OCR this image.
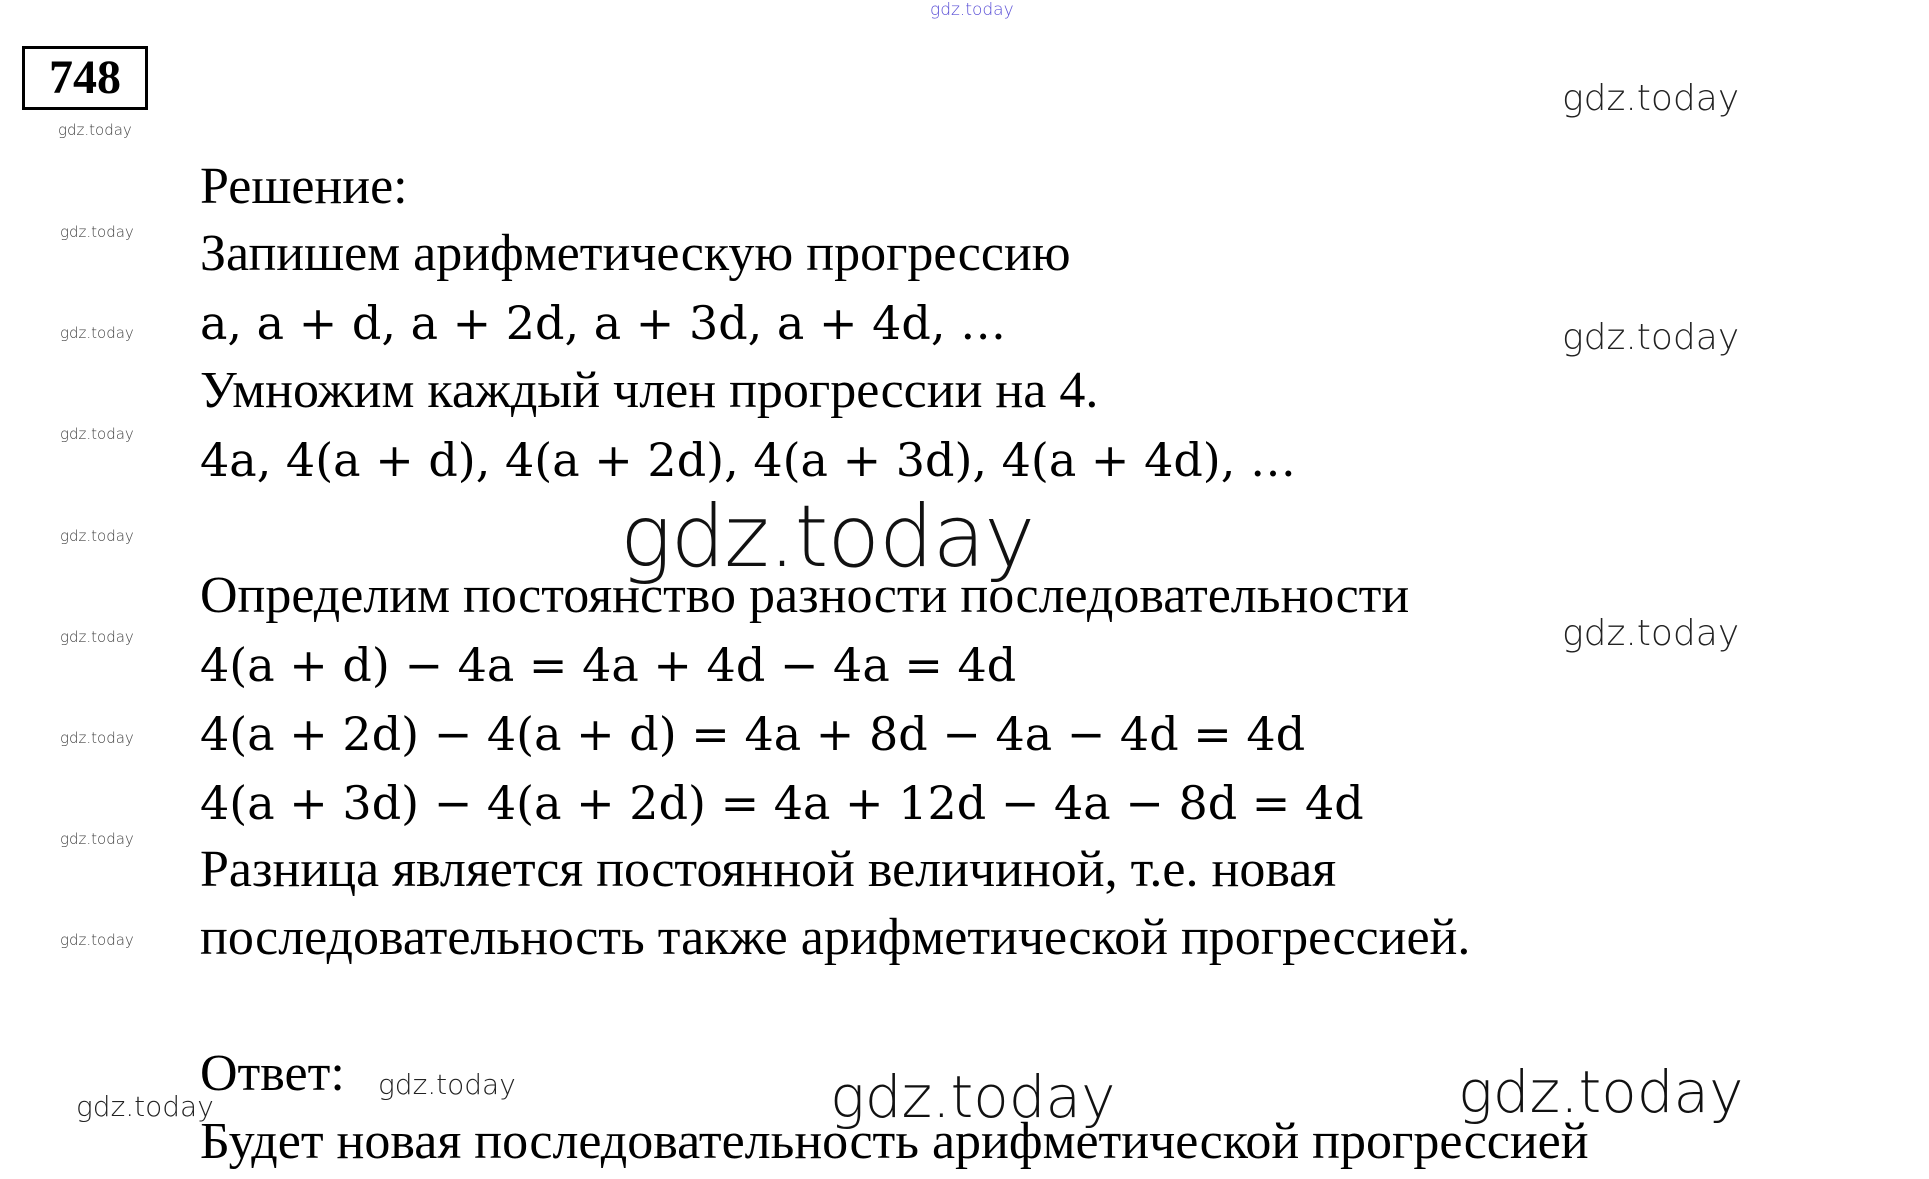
748
gdz.today
gdz.today
gdz.today
gdz.today
gdz.today
gdz.today
gdz.today
gdz.today
gdz.today
gdz.today
gdz.today
gdz.today
gdz.today
gdz.today
gdz.today	gdz.today
gdz.today
gdz.today
Решение:
Запишем арифметическую прогрессию
a, a + d, a + 2d, a + 3d, a + 4d, …
Умножим каждый член прогрессии на 4.
4a, 4(a + d), 4(a + 2d), 4(a + 3d), 4(a + 4d), …
Определим постоянство разности последовательности
4(a + d) − 4a = 4a + 4d − 4a = 4d
4(a + 2d) − 4(a + d) = 4a + 8d − 4a − 4d = 4d
4(a + 3d) − 4(a + 2d) = 4a + 12d − 4a − 8d = 4d
Разница является постоянной величиной, т.е. новая
последовательность также арифметической прогрессией.
Ответ:
Будет новая последовательность арифметической прогрессией
